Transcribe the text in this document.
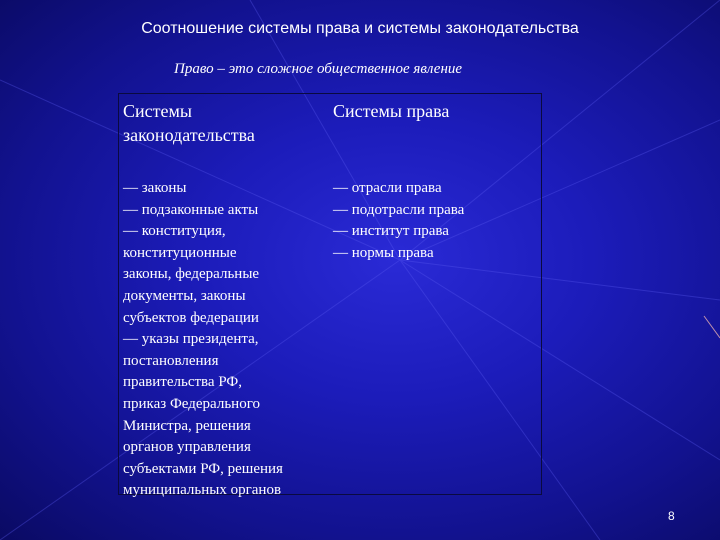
Соотношение системы права и системы законодательства
Право – это сложное общественное явление
Системы законодательства
— законы
— подзаконные акты
— конституция,
конституционные
законы, федеральные
документы, законы
субъектов федерации
— указы президента,
постановления
правительства РФ,
приказ Федерального
Министра, решения
органов управления
субъектами РФ, решения
муниципальных органов
Системы права
— отрасли права
— подотрасли права
— институт права
— нормы права
8
